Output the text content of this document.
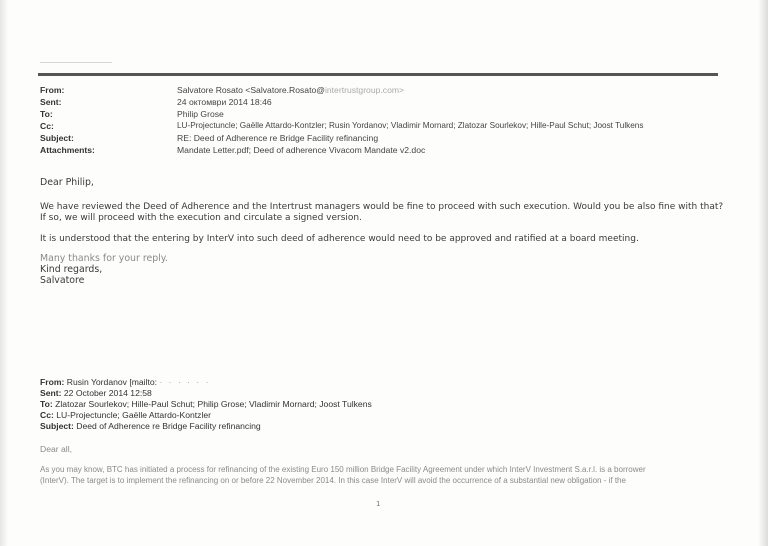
From:	Salvatore Rosato <Salvatore.Rosato@intertrustgroup.com>
Sent:	24 октомври 2014 18:46
To:	Philip Grose
Cc:	LU-Projectuncle; Gaëlle Attardo-Kontzler; Rusin Yordanov; Vladimir Mornard; Zlatozar Sourlekov; Hille-Paul Schut; Joost Tulkens
Subject:	RE: Deed of Adherence re Bridge Facility refinancing
Attachments:	Mandate Letter.pdf; Deed of adherence Vivacom Mandate v2.doc
Dear Philip,
We have reviewed the Deed of Adherence and the Intertrust managers would be fine to proceed with such execution. Would you be also fine with that?
If so, we will proceed with the execution and circulate a signed version.
It is understood that the entering by InterV into such deed of adherence would need to be approved and ratified at a board meeting.
Many thanks for your reply.
Kind regards,
Salvatore
From: Rusin Yordanov [mailto: · · · · · ·
Sent: 22 October 2014 12:58
To: Zlatozar Sourlekov; Hille-Paul Schut; Philip Grose; Vladimir Mornard; Joost Tulkens
Cc: LU-Projectuncle; Gaëlle Attardo-Kontzler
Subject: Deed of Adherence re Bridge Facility refinancing
Dear all,
As you may know, BTC has initiated a process for refinancing of the existing Euro 150 million Bridge Facility Agreement under which InterV Investment S.a.r.l. is a borrower
(InterV). The target is to implement the refinancing on or before 22 November 2014. In this case InterV will avoid the occurrence of a substantial new obligation - if the
1
